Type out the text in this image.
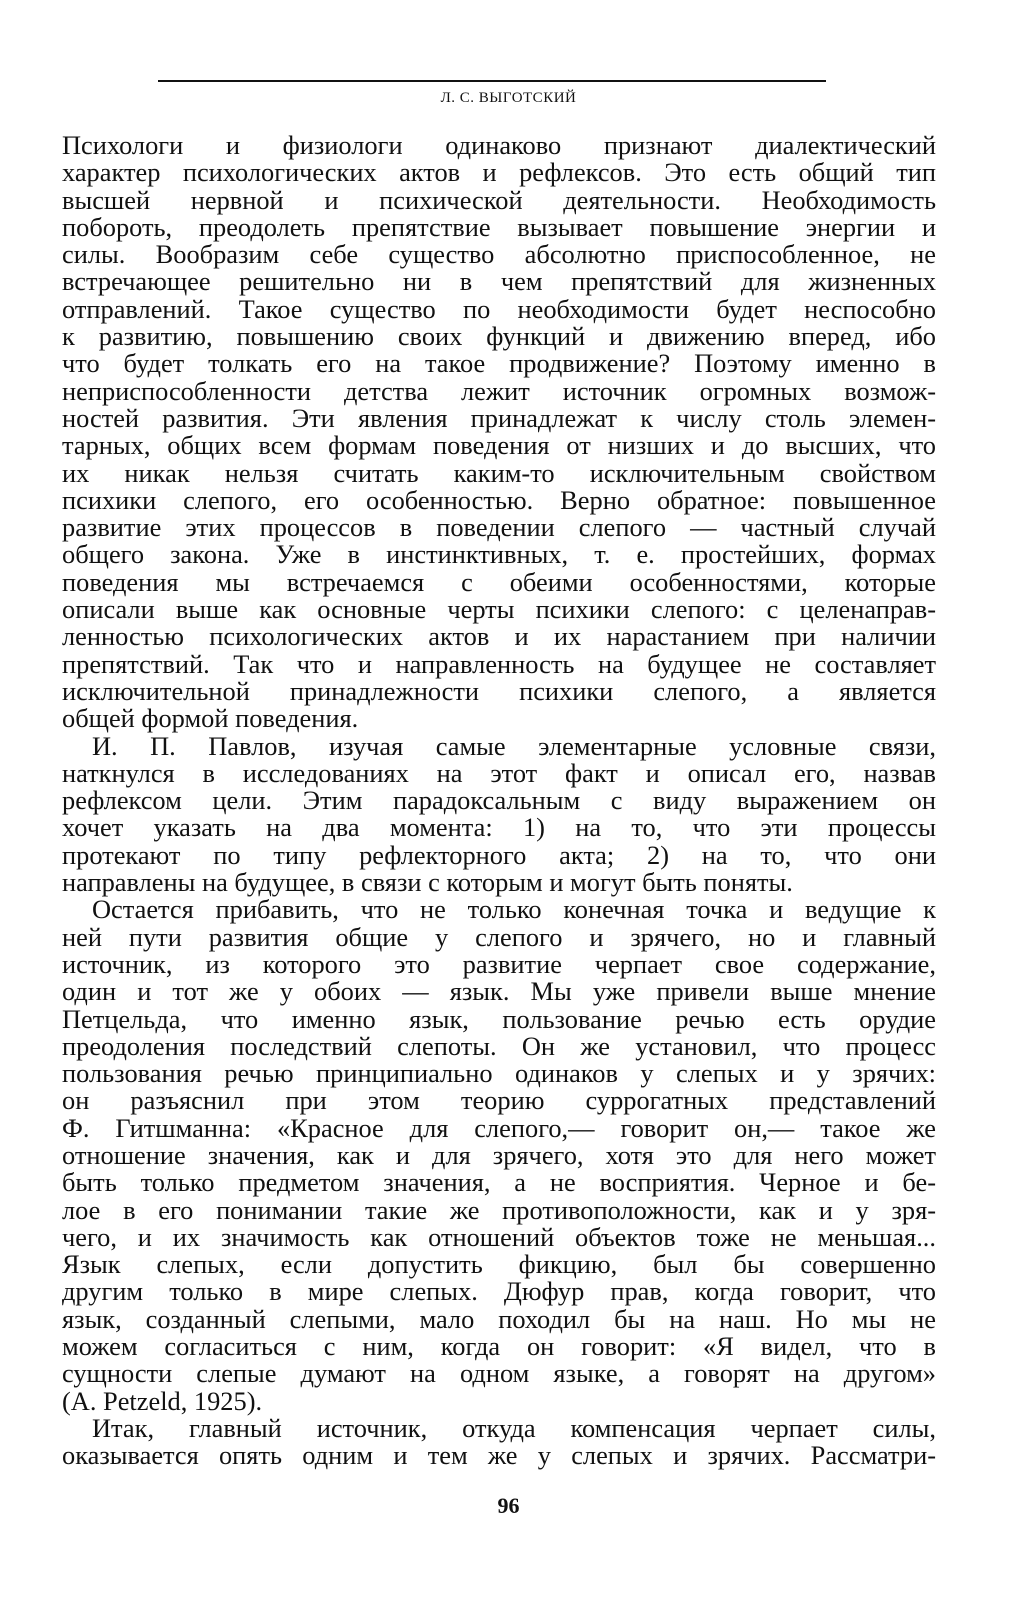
Л. С. ВЫГОТСКИЙ
Психологи и физиологи одинаково признают диалектический
характер психологических актов и рефлексов. Это есть общий тип
высшей нервной и психической деятельности. Необходимость
побороть, преодолеть препятствие вызывает повышение энергии и
силы. Вообразим себе существо абсолютно приспособленное, не
встречающее решительно ни в чем препятствий для жизненных
отправлений. Такое существо по необходимости будет неспособно
к развитию, повышению своих функций и движению вперед, ибо
что будет толкать его на такое продвижение? Поэтому именно в
неприспособленности детства лежит источник огромных возмож-
ностей развития. Эти явления принадлежат к числу столь элемен-
тарных, общих всем формам поведения от низших и до высших, что
их никак нельзя считать каким-то исключительным свойством
психики слепого, его особенностью. Верно обратное: повышенное
развитие этих процессов в поведении слепого — частный случай
общего закона. Уже в инстинктивных, т. е. простейших, формах
поведения мы встречаемся с обеими особенностями, которые
описали выше как основные черты психики слепого: с целенаправ-
ленностью психологических актов и их нарастанием при наличии
препятствий. Так что и направленность на будущее не составляет
исключительной принадлежности психики слепого, а является
общей формой поведения.
И. П. Павлов, изучая самые элементарные условные связи,
наткнулся в исследованиях на этот факт и описал его, назвав
рефлексом цели. Этим парадоксальным с виду выражением он
хочет указать на два момента: 1) на то, что эти процессы
протекают по типу рефлекторного акта; 2) на то, что они
направлены на будущее, в связи с которым и могут быть поняты.
Остается прибавить, что не только конечная точка и ведущие к
ней пути развития общие у слепого и зрячего, но и главный
источник, из которого это развитие черпает свое содержание,
один и тот же у обоих — язык. Мы уже привели выше мнение
Петцельда, что именно язык, пользование речью есть орудие
преодоления последствий слепоты. Он же установил, что процесс
пользования речью принципиально одинаков у слепых и у зрячих:
он разъяснил при этом теорию суррогатных представлений
Ф. Гитшманна: «Красное для слепого,— говорит он,— такое же
отношение значения, как и для зрячего, хотя это для него может
быть только предметом значения, а не восприятия. Черное и бе-
лое в его понимании такие же противоположности, как и у зря-
чего, и их значимость как отношений объектов тоже не меньшая...
Язык слепых, если допустить фикцию, был бы совершенно
другим только в мире слепых. Дюфур прав, когда говорит, что
язык, созданный слепыми, мало походил бы на наш. Но мы не
можем согласиться с ним, когда он говорит: «Я видел, что в
сущности слепые думают на одном языке, а говорят на другом»
(A. Petzeld, 1925).
Итак, главный источник, откуда компенсация черпает силы,
оказывается опять одним и тем же у слепых и зрячих. Рассматри-
96
